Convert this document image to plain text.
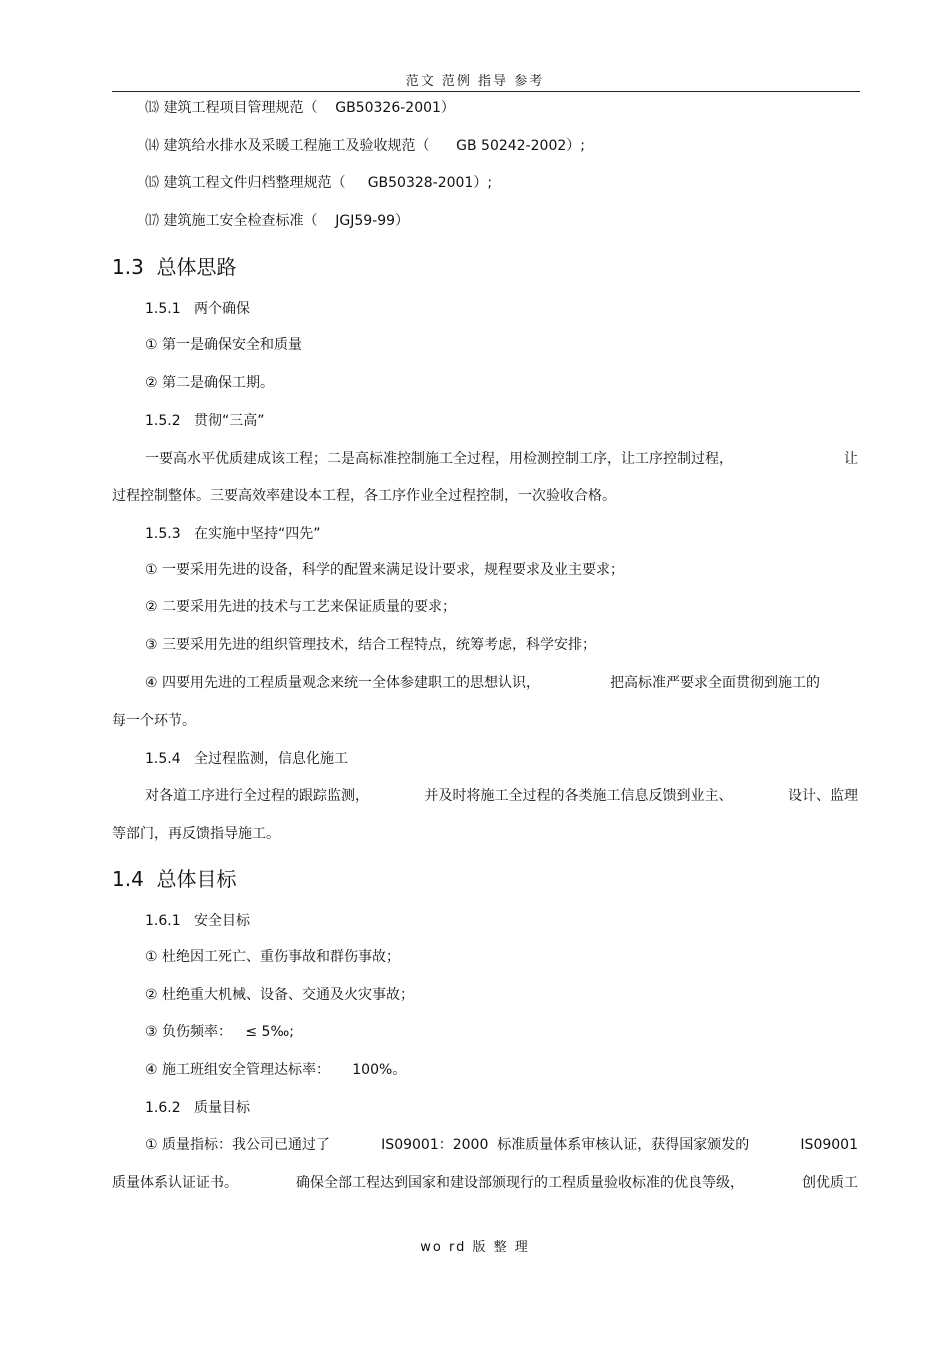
范文 范例 指导 参考
⒀ 建筑工程项目管理规范（    GB50326-2001）
⒁ 建筑给水排水及采暖工程施工及验收规范（      GB 50242-2002）;
⒂ 建筑工程文件归档整理规范（     GB50328-2001）;
⒄ 建筑施工安全检查标准（    JGJ59-99）
1.3  总体思路
1.5.1   两个确保
① 第一是确保安全和质量
② 第二是确保工期。
1.5.2   贯彻“三高”
一要高水平优质建成该工程；二是高标准控制施工全过程，用检测控制工序，让工序控制过程，	让
过程控制整体。三要高效率建设本工程，各工序作业全过程控制，一次验收合格。
1.5.3   在实施中坚持“四先”
① 一要采用先进的设备，科学的配置来满足设计要求，规程要求及业主要求；
② 二要采用先进的技术与工艺来保证质量的要求；
③ 三要采用先进的组织管理技术，结合工程特点，统筹考虑，科学安排；
④ 四要用先进的工程质量观念来统一全体参建职工的思想认识，	把高标准严要求全面贯彻到施工的
每一个环节。
1.5.4   全过程监测，信息化施工
对各道工序进行全过程的跟踪监测，	并及时将施工全过程的各类施工信息反馈到业主、	设计、监理
等部门，再反馈指导施工。
1.4  总体目标
1.6.1   安全目标
① 杜绝因工死亡、重伤事故和群伤事故；
② 杜绝重大机械、设备、交通及火灾事故；
③ 负伤频率：   ≤ 5‰;
④ 施工班组安全管理达标率：     100%。
1.6.2   质量目标
① 质量指标：我公司已通过了	IS09001：2000  标准质量体系审核认证，获得国家颁发的	IS09001
质量体系认证证书。	确保全部工程达到国家和建设部颁现行的工程质量验收标准的优良等级，	创优质工
wo rd 版 整 理
